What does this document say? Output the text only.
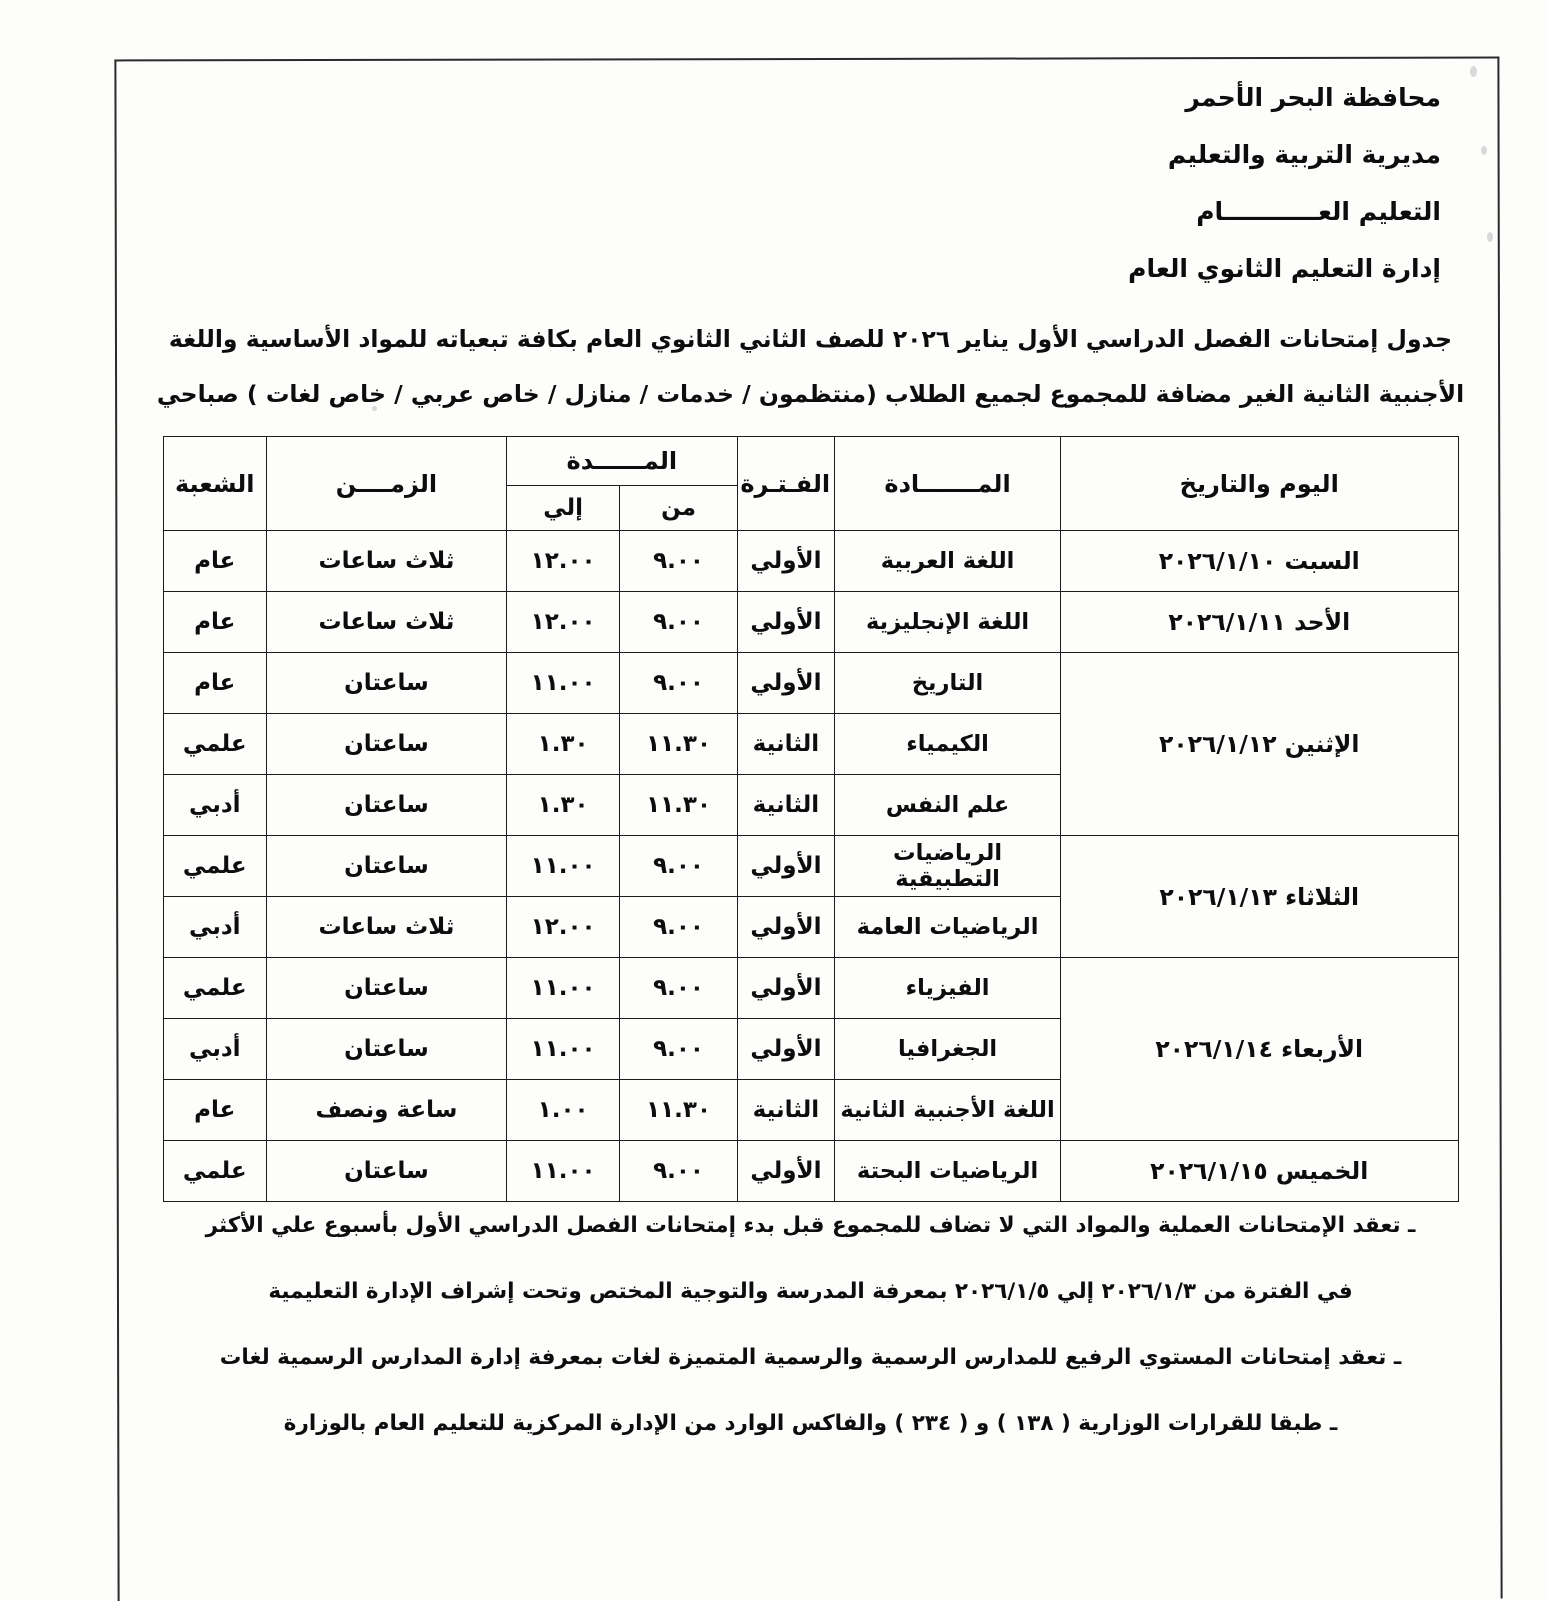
محافظة البحر الأحمر
مديرية التربية والتعليم
التعليم العـــــــــــام
إدارة التعليم الثانوي العام
جدول إمتحانات الفصل الدراسي الأول يناير ٢٠٢٦ للصف الثاني الثانوي العام بكافة تبعياته للمواد الأساسية واللغة
الأجنبية الثانية الغير مضافة للمجموع لجميع الطلاب (منتظمون / خدمات / منازل / خاص عربي / خاص لغات ) صباحي
اليوم والتاريخ	المـــــــادة	الفـتـرة	المــــــدة		الزمــــن	الشعبة
			من	إلي		
السبت ٢٠٢٦/١/١٠	اللغة العربية	الأولي	٩.٠٠	١٢.٠٠	ثلاث ساعات	عام
الأحد ٢٠٢٦/١/١١	اللغة الإنجليزية	الأولي	٩.٠٠	١٢.٠٠	ثلاث ساعات	عام
الإثنين ٢٠٢٦/١/١٢	التاريخ	الأولي	٩.٠٠	١١.٠٠	ساعتان	عام
	الكيمياء	الثانية	١١.٣٠	١.٣٠	ساعتان	علمي
	علم النفس	الثانية	١١.٣٠	١.٣٠	ساعتان	أدبي
الثلاثاء ٢٠٢٦/١/١٣	الرياضيات التطبيقية	الأولي	٩.٠٠	١١.٠٠	ساعتان	علمي
	الرياضيات العامة	الأولي	٩.٠٠	١٢.٠٠	ثلاث ساعات	أدبي
الأربعاء ٢٠٢٦/١/١٤	الفيزياء	الأولي	٩.٠٠	١١.٠٠	ساعتان	علمي
	الجغرافيا	الأولي	٩.٠٠	١١.٠٠	ساعتان	أدبي
	اللغة الأجنبية الثانية	الثانية	١١.٣٠	١.٠٠	ساعة ونصف	عام
الخميس ٢٠٢٦/١/١٥	الرياضيات البحتة	الأولي	٩.٠٠	١١.٠٠	ساعتان	علمي
ـ تعقد الإمتحانات العملية والمواد التي لا تضاف للمجموع قبل بدء إمتحانات الفصل الدراسي الأول بأسبوع علي الأكثر
في الفترة من ٢٠٢٦/١/٣ إلي ٢٠٢٦/١/٥ بمعرفة المدرسة والتوجية المختص وتحت إشراف الإدارة التعليمية
ـ تعقد إمتحانات المستوي الرفيع للمدارس الرسمية والرسمية المتميزة لغات بمعرفة إدارة المدارس الرسمية لغات
ـ طبقا للقرارات الوزارية ( ١٣٨ ) و ( ٢٣٤ ) والفاكس الوارد من الإدارة المركزية للتعليم العام بالوزارة
